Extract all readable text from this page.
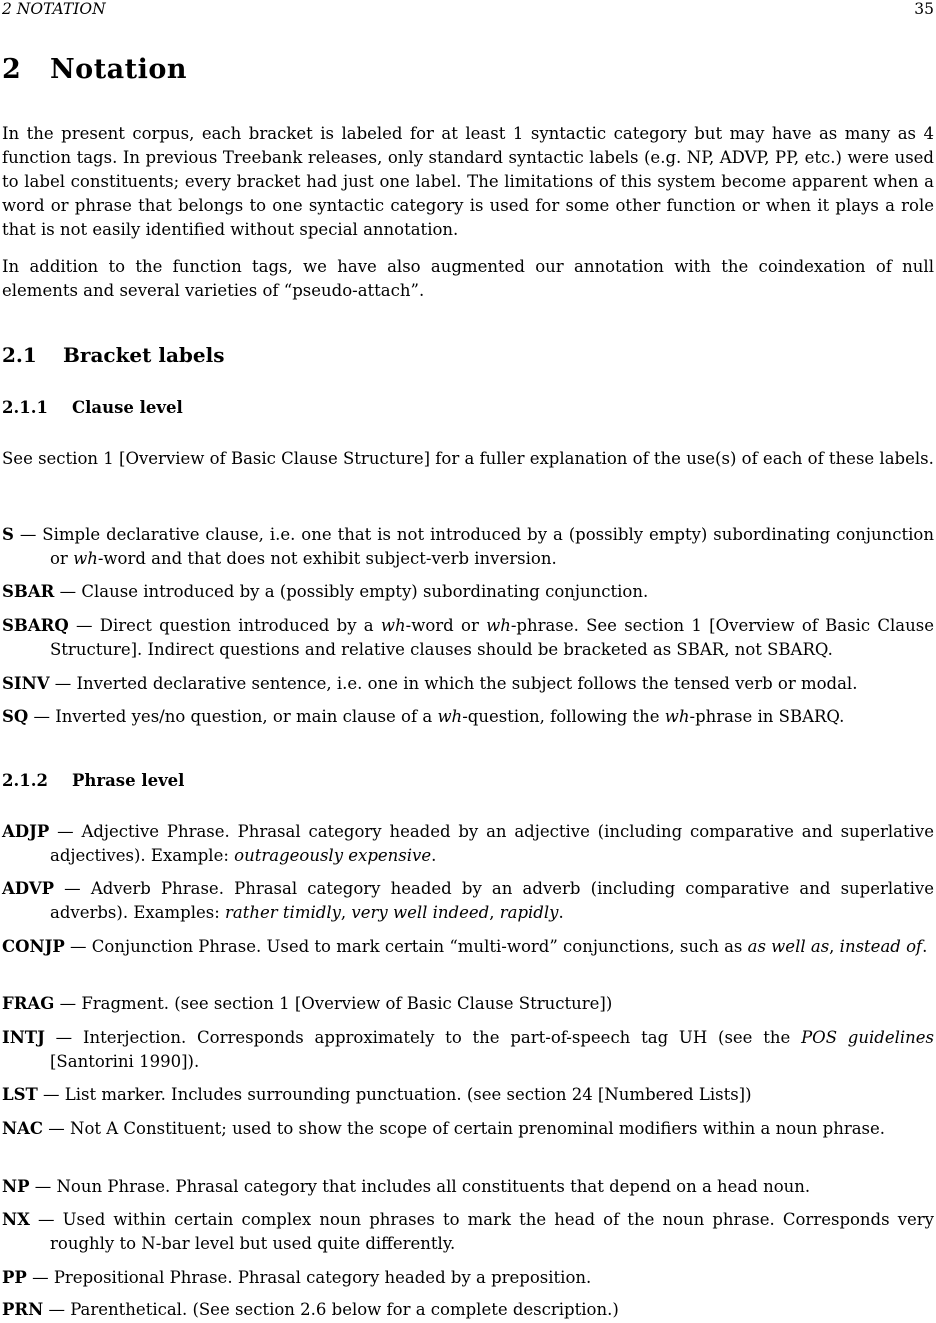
2 NOTATION	35
2 Notation

In the present corpus, each bracket is labeled for at least 1 syntactic category but may have as many as 4 function tags. In previous Treebank releases, only standard syntactic labels (e.g. NP, ADVP, PP, etc.) were used to label constituents; every bracket had just one label. The limitations of this system become apparent when a word or phrase that belongs to one syntactic category is used for some other function or when it plays a role that is not easily identified without special annotation.

In addition to the function tags, we have also augmented our annotation with the coindexation of null elements and several varieties of “pseudo-attach”.

2.1 Bracket labels
2.1.1 Clause level

See section 1 [Overview of Basic Clause Structure] for a fuller explanation of the use(s) of each of these labels.

S — Simple declarative clause, i.e. one that is not introduced by a (possibly empty) subordinating conjunction or wh-word and that does not exhibit subject-verb inversion.

SBAR — Clause introduced by a (possibly empty) subordinating conjunction.

SBARQ — Direct question introduced by a wh-word or wh-phrase. See section 1 [Overview of Basic Clause Structure]. Indirect questions and relative clauses should be bracketed as SBAR, not SBARQ.

SINV — Inverted declarative sentence, i.e. one in which the subject follows the tensed verb or modal.

SQ — Inverted yes/no question, or main clause of a wh-question, following the wh-phrase in SBARQ.

2.1.2 Phrase level

ADJP — Adjective Phrase. Phrasal category headed by an adjective (including comparative and superlative adjectives). Example: outrageously expensive.

ADVP — Adverb Phrase. Phrasal category headed by an adverb (including comparative and superlative adverbs). Examples: rather timidly, very well indeed, rapidly.

CONJP — Conjunction Phrase. Used to mark certain “multi-word” conjunctions, such as as well as, instead of.

FRAG — Fragment. (see section 1 [Overview of Basic Clause Structure])

INTJ — Interjection. Corresponds approximately to the part-of-speech tag UH (see the POS guidelines [Santorini 1990]).

LST — List marker. Includes surrounding punctuation. (see section 24 [Numbered Lists])

NAC — Not A Constituent; used to show the scope of certain prenominal modifiers within a noun phrase.

NP — Noun Phrase. Phrasal category that includes all constituents that depend on a head noun.

NX — Used within certain complex noun phrases to mark the head of the noun phrase. Corresponds very roughly to N-bar level but used quite differently.

PP — Prepositional Phrase. Phrasal category headed by a preposition.

PRN — Parenthetical. (See section 2.6 below for a complete description.)
